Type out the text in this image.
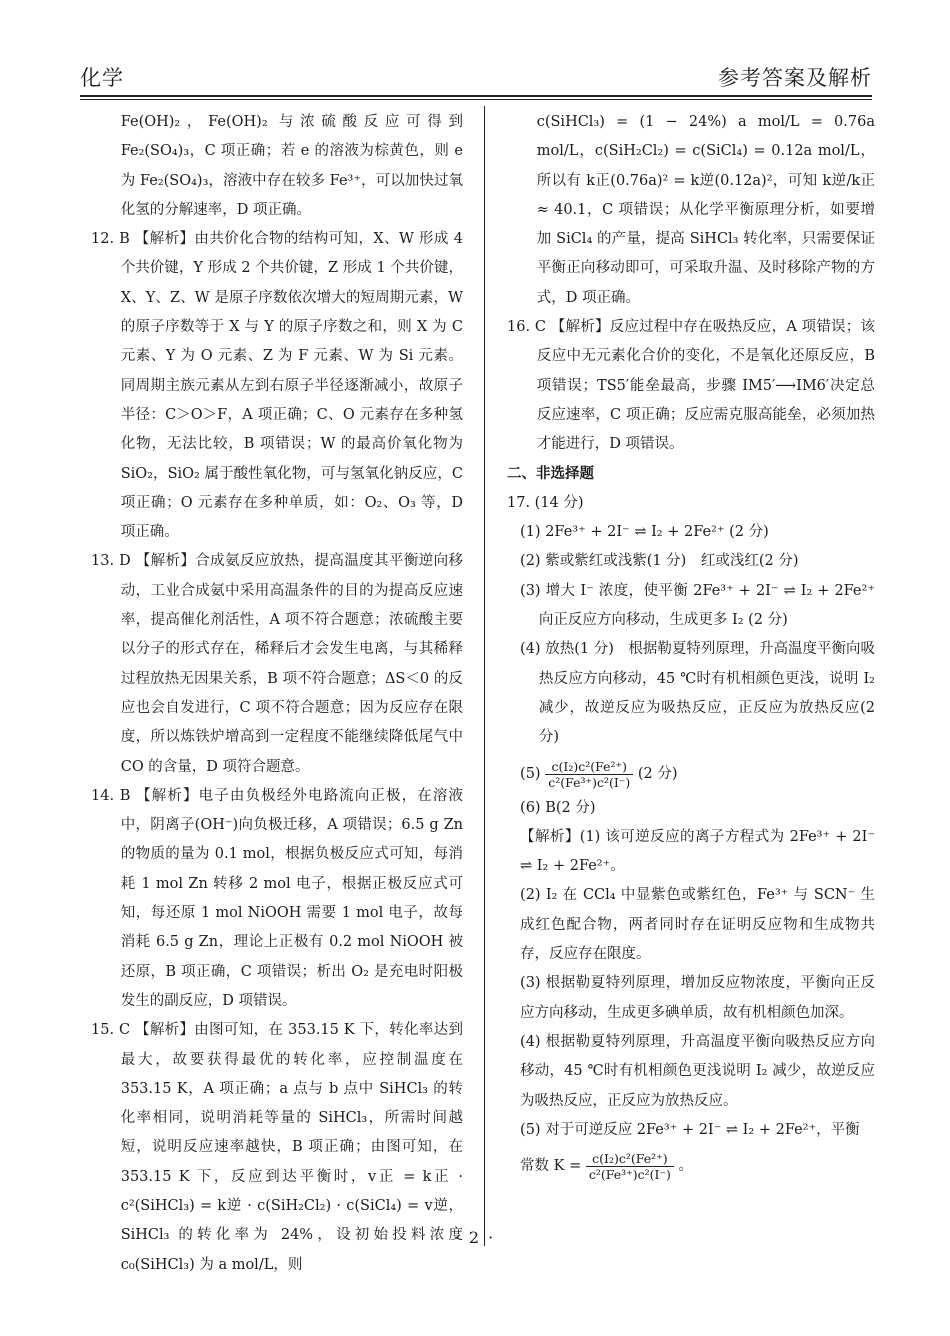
化学	参考答案及解析

Fe(OH)₂，Fe(OH)₂ 与浓硫酸反应可得到 Fe₂(SO₄)₃，C 项正确；若 e 的溶液为棕黄色，则 e 为 Fe₂(SO₄)₃，溶液中存在较多 Fe³⁺，可以加快过氧化氢的分解速率，D 项正确。

12. B 【解析】由共价化合物的结构可知，X、W 形成 4 个共价键，Y 形成 2 个共价键，Z 形成 1 个共价键，X、Y、Z、W 是原子序数依次增大的短周期元素，W 的原子序数等于 X 与 Y 的原子序数之和，则 X 为 C 元素、Y 为 O 元素、Z 为 F 元素、W 为 Si 元素。同周期主族元素从左到右原子半径逐渐减小，故原子半径：C＞O＞F，A 项正确；C、O 元素存在多种氢化物，无法比较，B 项错误；W 的最高价氧化物为 SiO₂，SiO₂ 属于酸性氧化物，可与氢氧化钠反应，C 项正确；O 元素存在多种单质，如：O₂、O₃ 等，D 项正确。

13. D 【解析】合成氨反应放热，提高温度其平衡逆向移动，工业合成氨中采用高温条件的目的为提高反应速率，提高催化剂活性，A 项不符合题意；浓硫酸主要以分子的形式存在，稀释后才会发生电离，与其稀释过程放热无因果关系，B 项不符合题意；ΔS＜0 的反应也会自发进行，C 项不符合题意；因为反应存在限度，所以炼铁炉增高到一定程度不能继续降低尾气中 CO 的含量，D 项符合题意。

14. B 【解析】电子由负极经外电路流向正极，在溶液中，阴离子(OH⁻)向负极迁移，A 项错误；6.5 g Zn 的物质的量为 0.1 mol，根据负极反应式可知，每消耗 1 mol Zn 转移 2 mol 电子，根据正极反应式可知，每还原 1 mol NiOOH 需要 1 mol 电子，故每消耗 6.5 g Zn，理论上正极有 0.2 mol NiOOH 被还原，B 项正确，C 项错误；析出 O₂ 是充电时阳极发生的副反应，D 项错误。

15. C 【解析】由图可知，在 353.15 K 下，转化率达到最大，故要获得最优的转化率，应控制温度在 353.15 K，A 项正确；a 点与 b 点中 SiHCl₃ 的转化率相同，说明消耗等量的 SiHCl₃，所需时间越短，说明反应速率越快，B 项正确；由图可知，在 353.15 K 下，反应到达平衡时，v正 = k正 · c²(SiHCl₃) = k逆 · c(SiH₂Cl₂) · c(SiCl₄) = v逆，SiHCl₃ 的转化率为 24%，设初始投料浓度 c₀(SiHCl₃) 为 a mol/L，则

c(SiHCl₃) = (1 − 24%) a mol/L = 0.76a mol/L，c(SiH₂Cl₂) = c(SiCl₄) = 0.12a mol/L，所以有 k正(0.76a)² = k逆(0.12a)²，可知 k逆/k正 ≈ 40.1，C 项错误；从化学平衡原理分析，如要增加 SiCl₄ 的产量，提高 SiHCl₃ 转化率，只需要保证平衡正向移动即可，可采取升温、及时移除产物的方式，D 项正确。

16. C 【解析】反应过程中存在吸热反应，A 项错误；该反应中无元素化合价的变化，不是氧化还原反应，B 项错误；TS5′能垒最高，步骤 IM5′⟶IM6′决定总反应速率，C 项正确；反应需克服高能垒，必须加热才能进行，D 项错误。

二、非选择题

17. (14 分)

(1) 2Fe³⁺ + 2I⁻ ⇌ I₂ + 2Fe²⁺ (2 分)

(2) 紫或紫红或浅紫(1 分)　红或浅红(2 分)

(3) 增大 I⁻ 浓度，使平衡 2Fe³⁺ + 2I⁻ ⇌ I₂ + 2Fe²⁺ 向正反应方向移动，生成更多 I₂ (2 分)

(4) 放热(1 分)　根据勒夏特列原理，升高温度平衡向吸热反应方向移动，45 ℃时有机相颜色更浅，说明 I₂ 减少，故逆反应为吸热反应，正反应为放热反应(2 分)

$(5) \frac{\text{c(I₂)c²(Fe²⁺)}}{\text{c²(Fe³⁺)c²(I⁻)}} (2$ 分)

(6) B(2 分)

【解析】(1) 该可逆反应的离子方程式为 2Fe³⁺ + 2I⁻ ⇌ I₂ + 2Fe²⁺。

(2) I₂ 在 CCl₄ 中显紫色或紫红色，Fe³⁺ 与 SCN⁻ 生成红色配合物，两者同时存在证明反应物和生成物共存，反应存在限度。

(3) 根据勒夏特列原理，增加反应物浓度，平衡向正反应方向移动，生成更多碘单质，故有机相颜色加深。

(4) 根据勒夏特列原理，升高温度平衡向吸热反应方向移动，45 ℃时有机相颜色更浅说明 I₂ 减少，故逆反应为吸热反应，正反应为放热反应。

(5) 对于可逆反应 2Fe³⁺ + 2I⁻ ⇌ I₂ + 2Fe²⁺，平衡

常数 $K = \frac{\text{c(I₂)c²(Fe²⁺)}}{\text{c²(Fe³⁺)c²(I⁻)}}$ 。

· 2 ·
